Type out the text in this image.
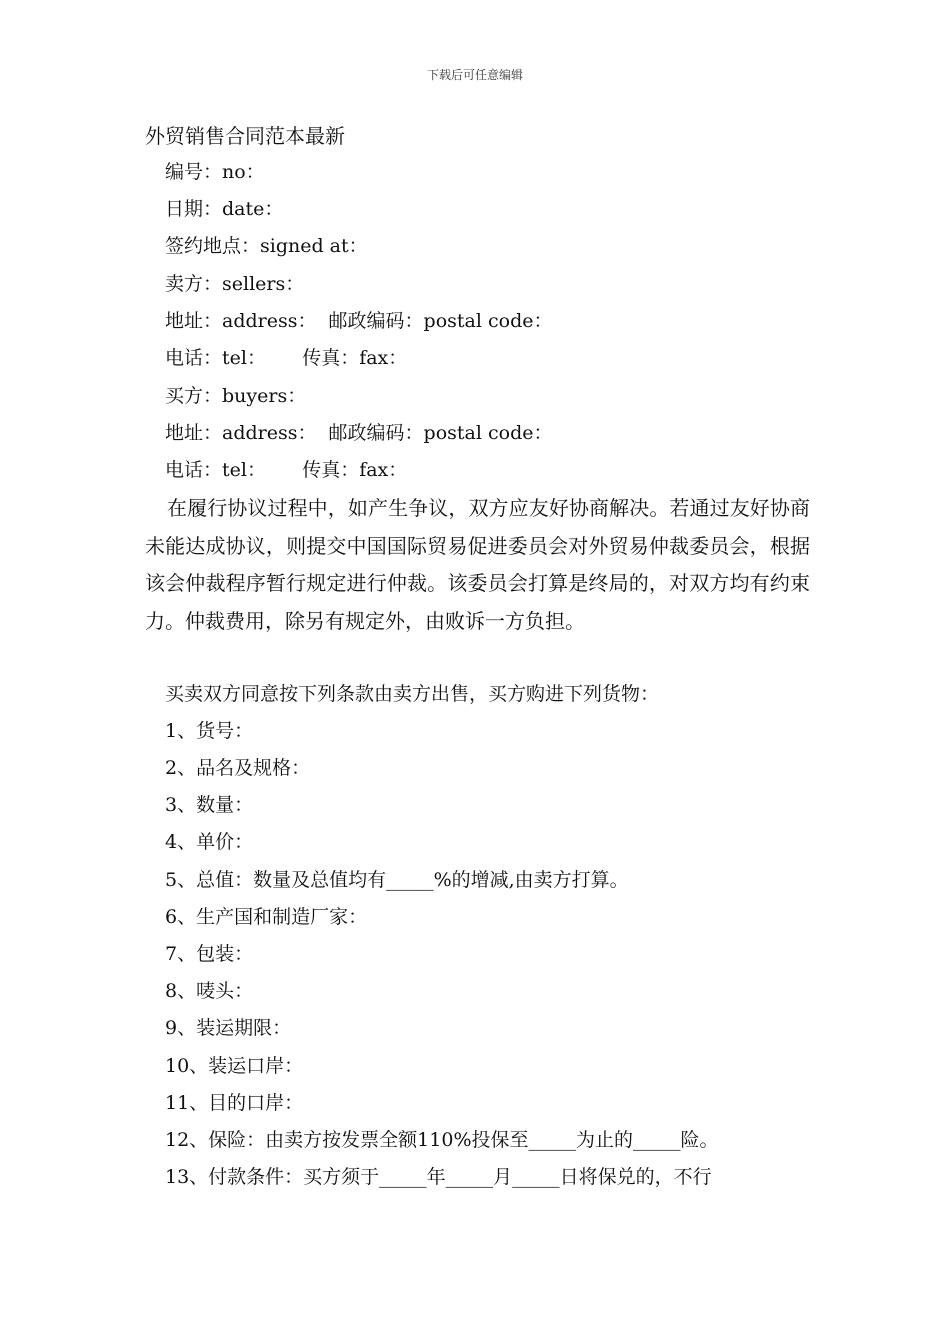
下载后可任意编辑
外贸销售合同范本最新
编号：no：
日期：date：
签约地点：signed at：
卖方：sellers：
地址：address：  邮政编码：postal code：
电话：tel：      传真：fax：
买方：buyers：
地址：address：  邮政编码：postal code：
电话：tel：      传真：fax：
在履行协议过程中，如产生争议，双方应友好协商解决。若通过友好协商未能达成协议，则提交中国国际贸易促进委员会对外贸易仲裁委员会，根据该会仲裁程序暂行规定进行仲裁。该委员会打算是终局的，对双方均有约束力。仲裁费用，除另有规定外，由败诉一方负担。
买卖双方同意按下列条款由卖方出售，买方购进下列货物：
1、货号：
2、品名及规格：
3、数量：
4、单价：
5、总值：数量及总值均有_____%的增减,由卖方打算。
6、生产国和制造厂家：
7、包装：
8、唛头：
9、装运期限：
10、装运口岸：
11、目的口岸：
12、保险：由卖方按发票全额110%投保至_____为止的_____险。
13、付款条件：买方须于_____年_____月_____日将保兑的，不行
